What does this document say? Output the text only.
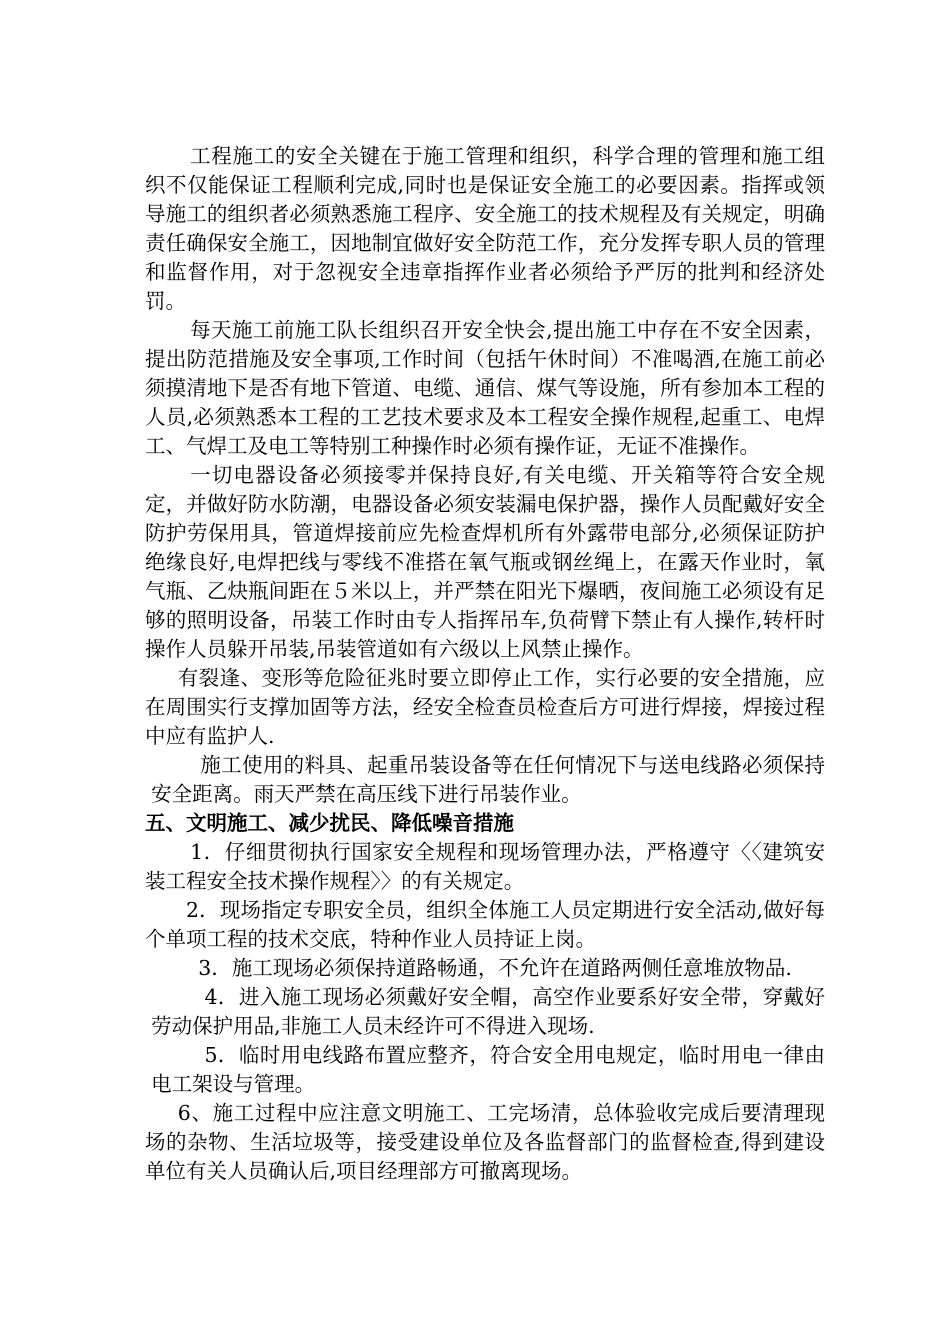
工程施工的安全关键在于施工管理和组织，科学合理的管理和施工组织不仅能保证工程顺利完成,同时也是保证安全施工的必要因素。指挥或领导施工的组织者必须熟悉施工程序、安全施工的技术规程及有关规定，明确责任确保安全施工，因地制宜做好安全防范工作，充分发挥专职人员的管理和监督作用，对于忽视安全违章指挥作业者必须给予严厉的批判和经济处罚。

每天施工前施工队长组织召开安全快会,提出施工中存在不安全因素，提出防范措施及安全事项,工作时间（包括午休时间）不准喝酒,在施工前必须摸清地下是否有地下管道、电缆、通信、煤气等设施，所有参加本工程的人员,必须熟悉本工程的工艺技术要求及本工程安全操作规程,起重工、电焊工、气焊工及电工等特别工种操作时必须有操作证，无证不准操作。

一切电器设备必须接零并保持良好,有关电缆、开关箱等符合安全规定，并做好防水防潮，电器设备必须安装漏电保护器，操作人员配戴好安全防护劳保用具，管道焊接前应先检查焊机所有外露带电部分,必须保证防护绝缘良好,电焊把线与零线不准搭在氧气瓶或钢丝绳上，在露天作业时，氧气瓶、乙炔瓶间距在５米以上，并严禁在阳光下爆晒，夜间施工必须设有足够的照明设备，吊装工作时由专人指挥吊车,负荷臂下禁止有人操作,转杆时操作人员躲开吊装,吊装管道如有六级以上风禁止操作。

有裂逢、变形等危险征兆时要立即停止工作，实行必要的安全措施，应在周围实行支撑加固等方法，经安全检查员检查后方可进行焊接，焊接过程中应有监护人.

施工使用的料具、起重吊装设备等在任何情况下与送电线路必须保持安全距离。雨天严禁在高压线下进行吊装作业。

五、文明施工、减少扰民、降低噪音措施

1．仔细贯彻执行国家安全规程和现场管理办法，严格遵守〈〈建筑安装工程安全技术操作规程〉〉的有关规定。

2．现场指定专职安全员，组织全体施工人员定期进行安全活动,做好每个单项工程的技术交底，特种作业人员持证上岗。

3．施工现场必须保持道路畅通，不允许在道路两侧任意堆放物品.

4．进入施工现场必须戴好安全帽，高空作业要系好安全带，穿戴好劳动保护用品,非施工人员未经许可不得进入现场.

5．临时用电线路布置应整齐，符合安全用电规定，临时用电一律由电工架设与管理。

6、施工过程中应注意文明施工、工完场清，总体验收完成后要清理现场的杂物、生活垃圾等，接受建设单位及各监督部门的监督检查,得到建设单位有关人员确认后,项目经理部方可撤离现场。
